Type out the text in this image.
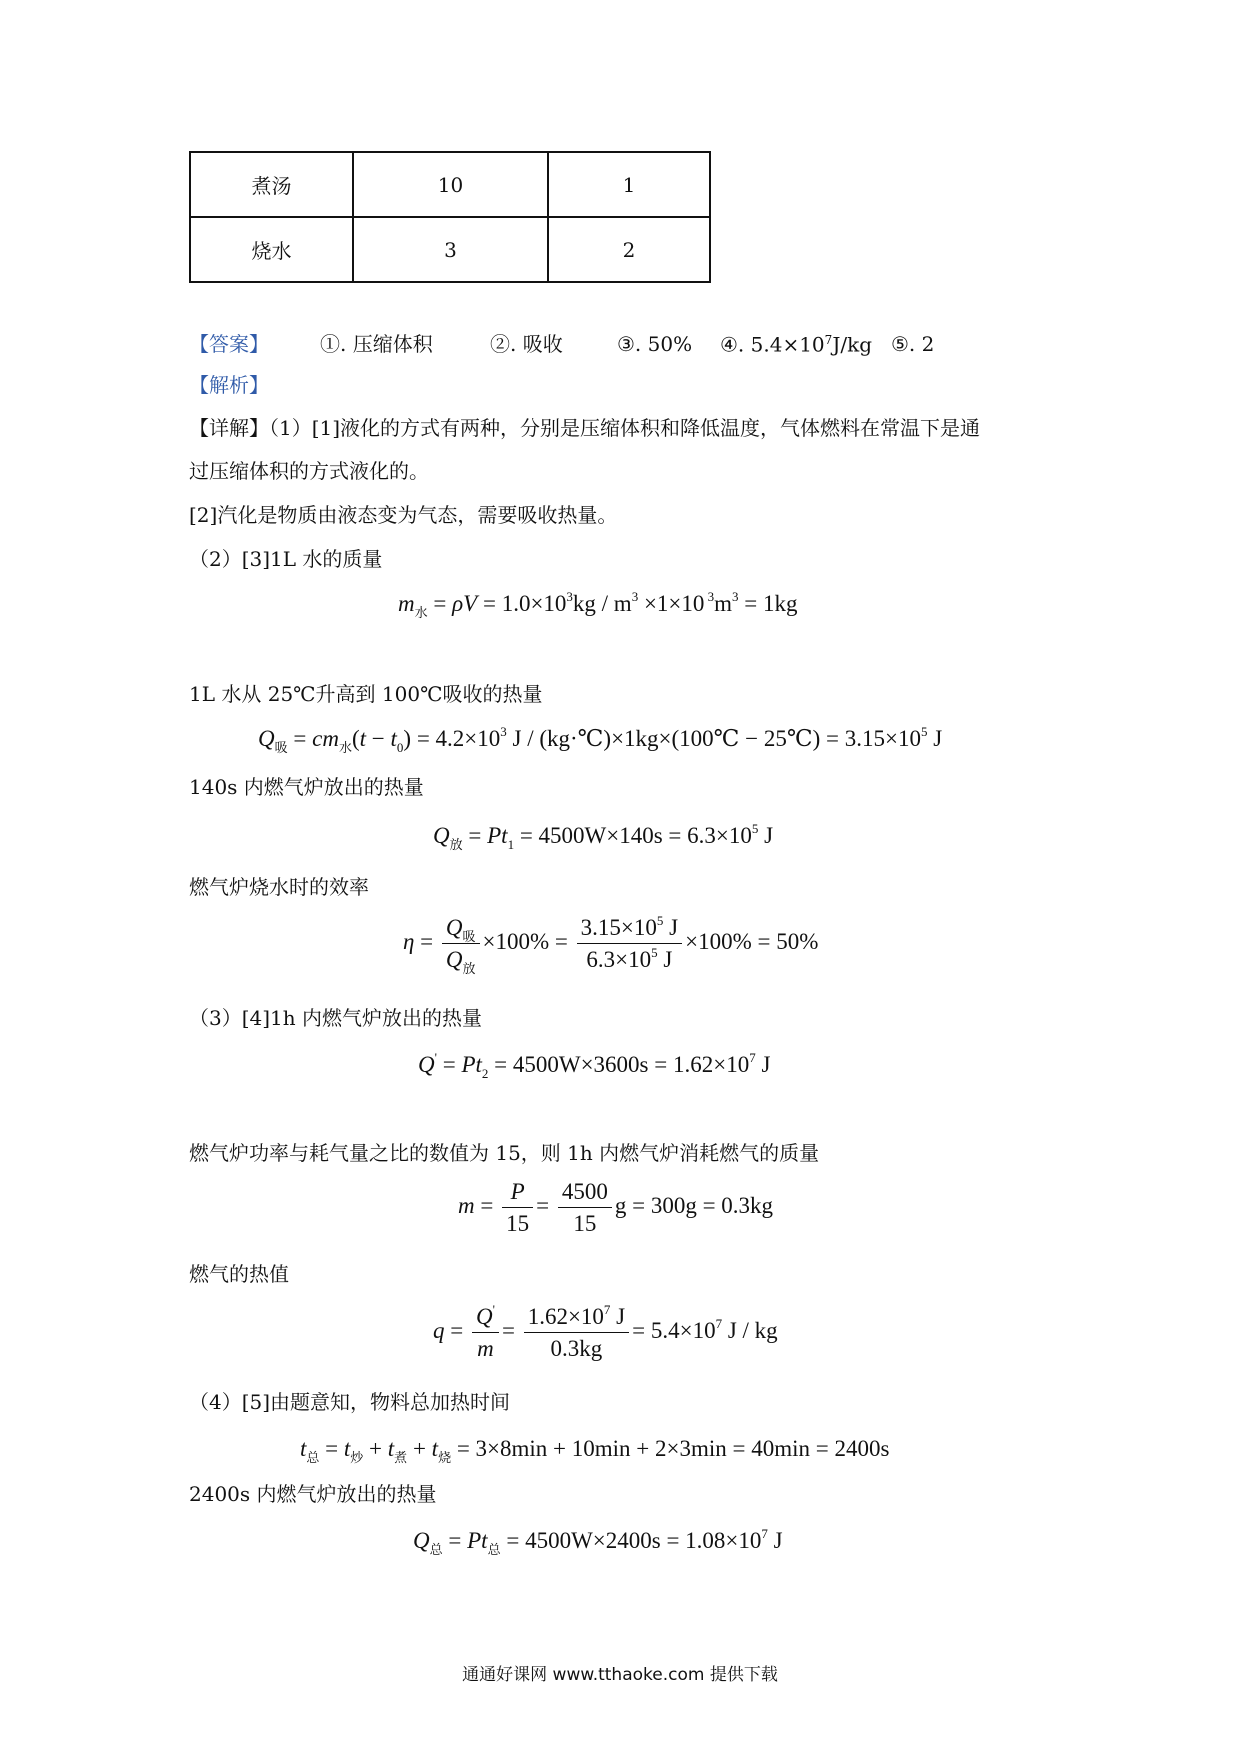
煮汤	10	1
烧水	3	2
【答案】	①. 压缩体积	②. 吸收	③. 50% ④. $5.4\times 10^7J/kg$ ⑤. 2
【解析】
【详解】（1）[1]液化的方式有两种，分别是压缩体积和降低温度，气体燃料在常温下是通
过压缩体积的方式液化的。
[2]汽化是物质由液态变为气态，需要吸收热量。
（2）[3]1L 水的质量
$m_水 = \rho V = 1.0\times 10^3kg / m^3 \times 1\times 10$ $^3m^3 = 1kg$
1L 水从 25℃升高到 100℃吸收的热量
$Q_吸 = cm_水(t - t_0) = 4.2\times 10^3$ J / (kg·℃)×1kg×(100℃ − 25℃) = $3.15\times 10^5$ J
140s 内燃气炉放出的热量
$Q_放 = Pt_1 = 4500W\times 140s = 6.3\times 10^5$ J
燃气炉烧水时的效率
$\eta = \frac{Q_吸}{Q_放} \times 100\% = \frac{3.15\times 10^5 J}{6.3\times 10^5 J} \times 100\% = 50\%$
（3）[4]1h 内燃气炉放出的热量
$Q' = Pt_2 = 4500W\times 3600s = 1.62\times 10^7$ J
燃气炉功率与耗气量之比的数值为 15，则 1h 内燃气炉消耗燃气的质量
$m = \frac{P}{15} = \frac{4500}{15}$ g = 300g = 0.3kg
燃气的热值
$q = \frac{Q'}{m} = \frac{1.62\times 10^7 J}{0.3kg} = 5.4\times 10^7$ J / kg
（4）[5]由题意知，物料总加热时间
$t_总 = t_炒 + t_煮 + t_烧 = 3\times 8\min + 10\min + 2\times 3\min = 40\min = 2400s$
2400s 内燃气炉放出的热量
$Q_总 = Pt_总 = 4500W\times 2400s = 1.08\times 10^7$ J
通通好课网 www.tthaoke.com 提供下载
